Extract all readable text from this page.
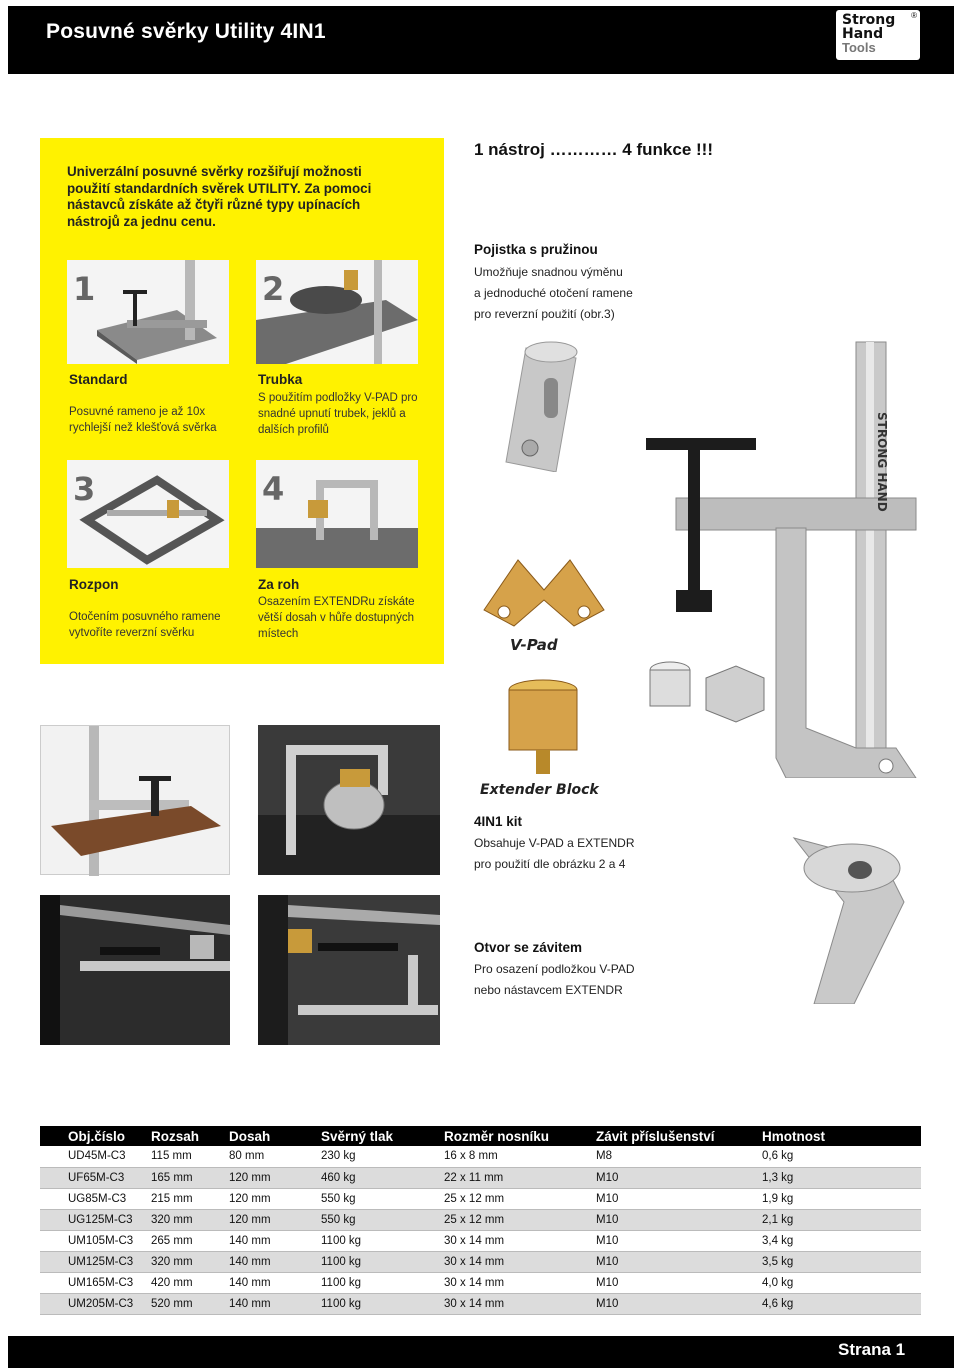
Posuvné svěrky Utility 4IN1	Strong
Hand
Tools
®
Univerzální posuvné svěrky rozšiřují možnosti použití standardních svěrek UTILITY. Za pomoci nástavců získáte až čtyři různé typy upínacích nástrojů za jednu cenu.
1	2
Standard
Posuvné rameno je až 10x rychlejší než klešťová svěrka
Trubka
S použitím podložky V-PAD pro snadné upnutí trubek, jeklů a dalších profilů
3	4
Rozpon
Otočením posuvného ramene vytvoříte reverzní svěrku
Za roh
Osazením EXTENDRu získáte větší dosah v hůře dostupných místech
1 nástroj ………… 4 funkce !!!
Pojistka s pružinou
Umožňuje snadnou výměnu
a jednoduché otočení ramene
pro reverzní použití (obr.3)
STRONG HAND
V-Pad
Extender Block
4IN1 kit
Obsahuje V-PAD a EXTENDR
pro použití dle obrázku 2 a 4
Otvor se závitem
Pro osazení podložkou V-PAD
nebo nástavcem EXTENDR
Obj.číslo	Rozsah	Dosah	Svěrný tlak	Rozměr nosníku	Závit příslušenství	Hmotnost
UD45M-C3	115 mm	80 mm	230 kg	16 x 8 mm	M8	0,6 kg
UF65M-C3	165 mm	120 mm	460 kg	22 x 11 mm	M10	1,3 kg
UG85M-C3	215 mm	120 mm	550 kg	25 x 12 mm	M10	1,9 kg
UG125M-C3	320 mm	120 mm	550 kg	25 x 12 mm	M10	2,1 kg
UM105M-C3	265 mm	140 mm	1100 kg	30 x 14 mm	M10	3,4 kg
UM125M-C3	320 mm	140 mm	1100 kg	30 x 14 mm	M10	3,5 kg
UM165M-C3	420 mm	140 mm	1100 kg	30 x 14 mm	M10	4,0 kg
UM205M-C3	520 mm	140 mm	1100 kg	30 x 14 mm	M10	4,6 kg
Strana 1
